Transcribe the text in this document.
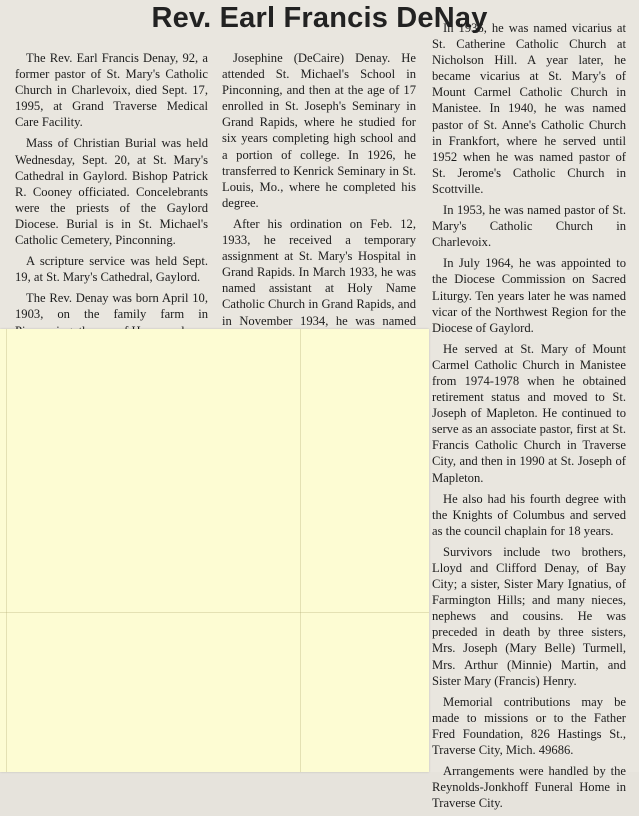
Rev. Earl Francis DeNay

The Rev. Earl Francis Denay, 92, a former pastor of St. Mary's Catholic Church in Charlevoix, died Sept. 17, 1995, at Grand Traverse Medical Care Facility.

Mass of Christian Burial was held Wednesday, Sept. 20, at St. Mary's Cathedral in Gaylord. Bishop Patrick R. Cooney officiated. Concelebrants were the priests of the Gaylord Diocese. Burial is in St. Michael's Catholic Cemetery, Pinconning.

A scripture service was held Sept. 19, at St. Mary's Cathedral, Gaylord.

The Rev. Denay was born April 10, 1903, on the family farm in

Josephine (DeCaire) Denay. He attended St. Michael's School in Pinconning, and then at the age of 17 enrolled in St. Joseph's Seminary in Grand Rapids, where he studied for six years completing high school and a portion of college. In 1926, he transferred to Kenrick Seminary in St. Louis, Mo., where he completed his degree.

After his ordination on Feb. 12, 1933, he received a temporary assignment at St. Mary's Hospital in Grand Rapids. In March 1933, he was named assistant at Holy Name Catholic Church in Grand Rapids, and in November 1934, he was named

In 1936, he was named vicarius at St. Catherine Catholic Church at Nicholson Hill. A year later, he became vicarius at St. Mary's of Mount Carmel Catholic Church in Manistee. In 1940, he was named pastor of St. Anne's Catholic Church in Frankfort, where he served until 1952 when he was named pastor of St. Jerome's Catholic Church in Scottville.

In 1953, he was named pastor of St. Mary's Catholic Church in Charlevoix.

In July 1964, he was appointed to the Diocese Commission on Sacred Liturgy. Ten years later he was named vicar of the Northwest Region for the Diocese of Gaylord.

He served at St. Mary of Mount Carmel Catholic Church in Manistee from 1974-1978 when he obtained retirement status and moved to St. Joseph of Mapleton. He continued to serve as an associate pastor, first at St. Francis Catholic Church in Traverse City, and then in 1990 at St. Joseph of Mapleton.

He also had his fourth degree with the Knights of Columbus and served as the council chaplain for 18 years.

Survivors include two brothers, Lloyd and Clifford Denay, of Bay City; a sister, Sister Mary Ignatius, of Farmington Hills; and many nieces, nephews and cousins. He was preceded in death by three sisters, Mrs. Joseph (Mary Belle) Turmell, Mrs. Arthur (Minnie) Martin, and Sister Mary (Francis) Henry.

Memorial contributions may be made to missions or to the Father Fred Foundation, 826 Hastings St., Traverse City, Mich. 49686.

Arrangements were handled by the Reynolds-Jonkhoff Funeral Home in Traverse City.
